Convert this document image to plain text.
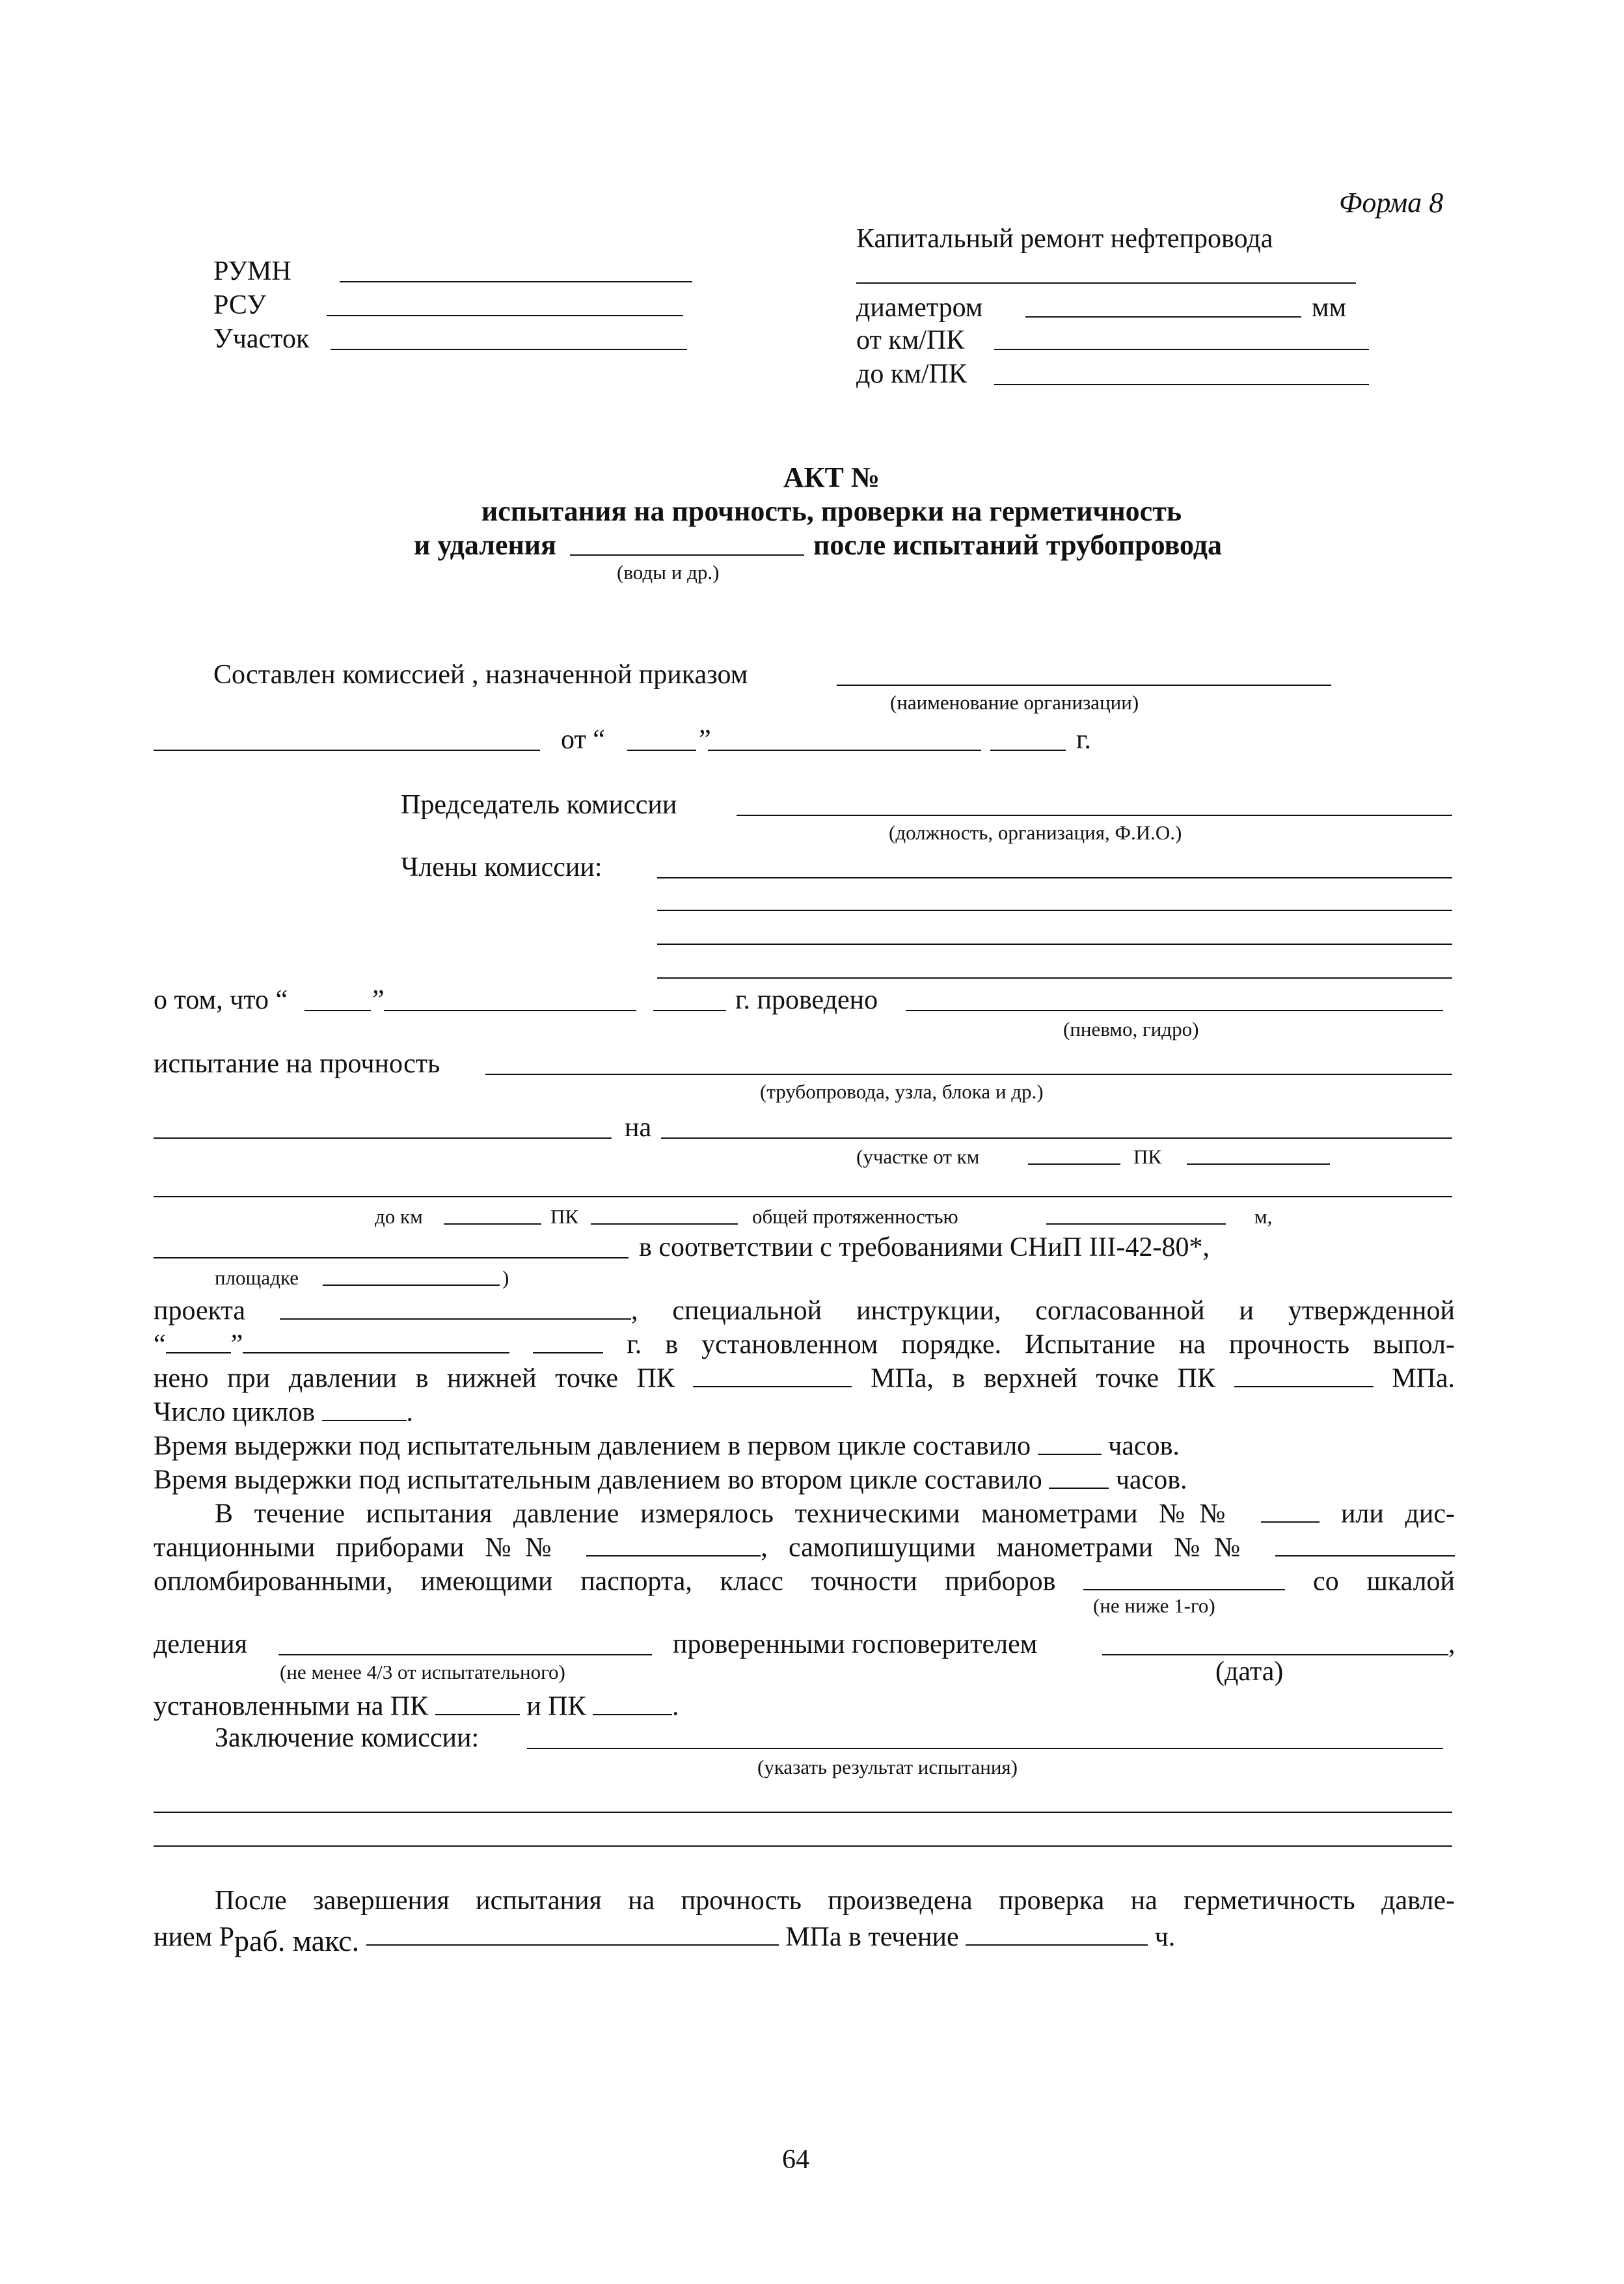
Форма 8
РУМН
РСУ
Участок
Капитальный ремонт нефтепровода
диаметром	мм
от км/ПК
до км/ПК
АКТ №
испытания на прочность, проверки на герметичность
и удаления	после испытаний трубопровода
(воды и др.)
Составлен комиссией , назначенной приказом
(наименование организации)
от “	”	г.
Председатель комиссии
(должность, организация, Ф.И.О.)
Члены комиссии:
о том, что “	”	г. проведено
(пневмо, гидро)
испытание на прочность
(трубопровода, узла, блока и др.)
на
(участке от км	ПК
до км	ПК	общей протяженностью	м,
в соответствии с требованиями СНиП III-42-80*,
площадке	)
проекта	, специальной инструкции, согласованной и утвержденной
“ ”	г. в установленном порядке. Испытание на прочность выпол-
нено при давлении в нижней точке ПК	МПа, в верхней точке ПК	МПа.
Число циклов	.
Время выдержки под испытательным давлением в первом цикле составило	часов.
Время выдержки под испытательным давлением во втором цикле составило	часов.
В течение испытания давление измерялось техническими манометрами №№	или дис-
танционными приборами №№	, самопишущими манометрами №№
опломбированными, имеющими паспорта, класс точности приборов	со шкалой
(не ниже 1-го)
деления	проверенными госповерителем	,
(не менее 4/3 от испытательного)	(дата)
установленными на ПК	и ПК	.
Заключение комиссии:
(указать результат испытания)
После завершения испытания на прочность произведена проверка на герметичность давле-
нием Рраб. макс.	МПа в течение	ч.
64
